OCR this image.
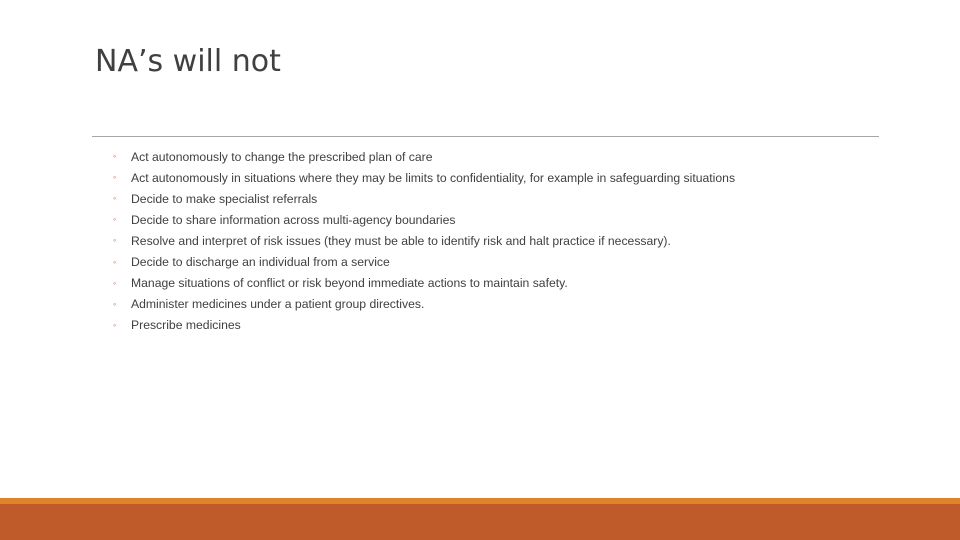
NA’s will not
◦	Act autonomously to change the prescribed plan of care
◦	Act autonomously in situations where they may be limits to confidentiality, for example in safeguarding situations
◦	Decide to make specialist referrals
◦	Decide to share information across multi-agency boundaries
◦	Resolve and interpret of risk issues (they must be able to identify risk and halt practice if necessary).
◦	Decide to discharge an individual from a service
◦	Manage situations of conflict or risk beyond immediate actions to maintain safety.
◦	Administer medicines under a patient group directives.
◦	Prescribe medicines
